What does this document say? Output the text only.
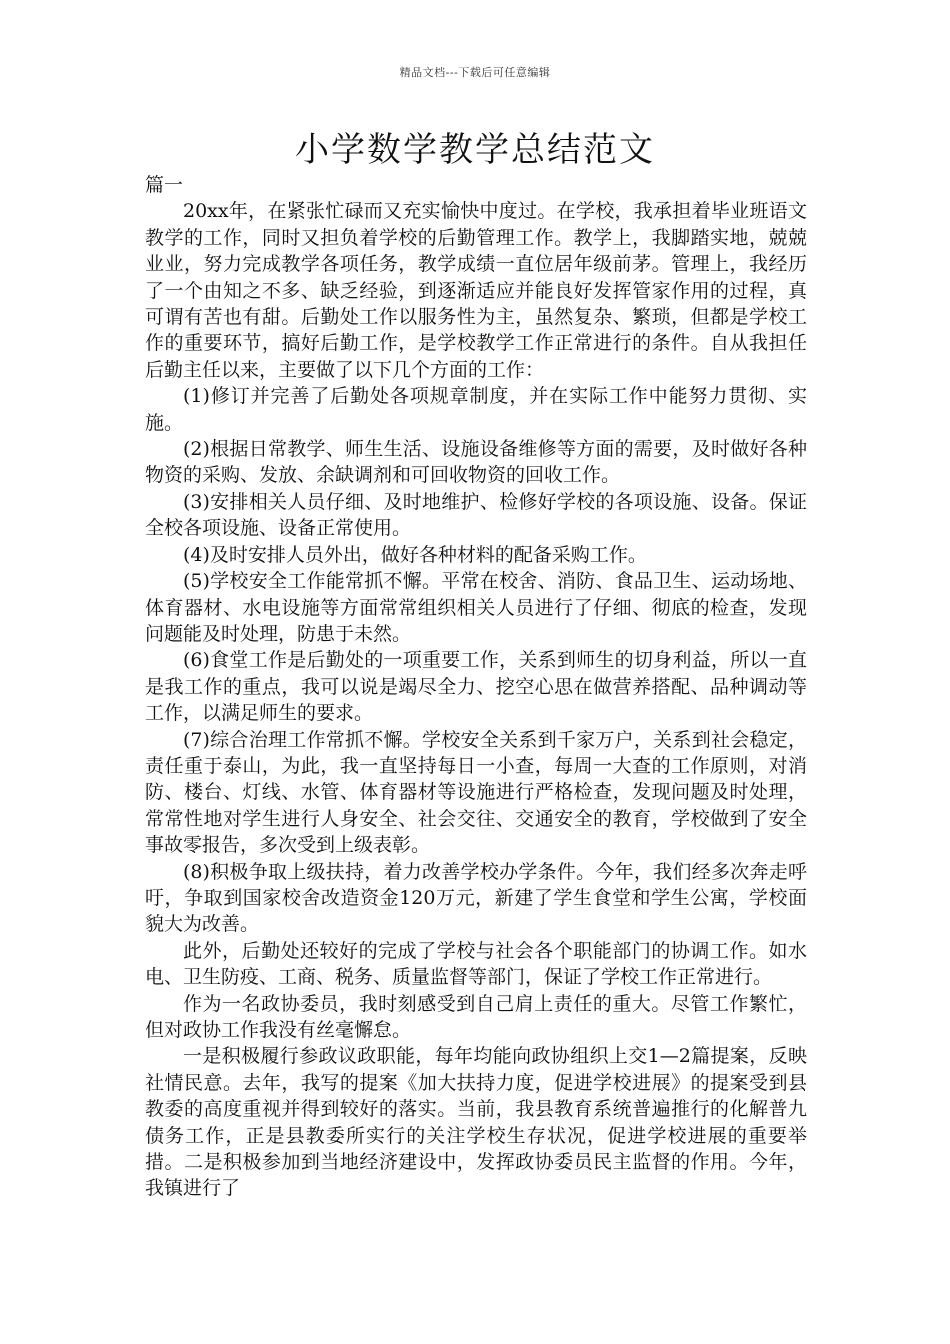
精品文档---下载后可任意编辑
小学数学教学总结范文
篇一

20xx年，在紧张忙碌而又充实愉快中度过。在学校，我承担着毕业班语文教学的工作，同时又担负着学校的后勤管理工作。教学上，我脚踏实地，兢兢业业，努力完成教学各项任务，教学成绩一直位居年级前茅。管理上，我经历了一个由知之不多、缺乏经验，到逐渐适应并能良好发挥管家作用的过程，真可谓有苦也有甜。后勤处工作以服务性为主，虽然复杂、繁琐，但都是学校工作的重要环节，搞好后勤工作，是学校教学工作正常进行的条件。自从我担任后勤主任以来，主要做了以下几个方面的工作：

(1)修订并完善了后勤处各项规章制度，并在实际工作中能努力贯彻、实施。

(2)根据日常教学、师生生活、设施设备维修等方面的需要，及时做好各种物资的采购、发放、余缺调剂和可回收物资的回收工作。

(3)安排相关人员仔细、及时地维护、检修好学校的各项设施、设备。保证全校各项设施、设备正常使用。

(4)及时安排人员外出，做好各种材料的配备采购工作。

(5)学校安全工作能常抓不懈。平常在校舍、消防、食品卫生、运动场地、体育器材、水电设施等方面常常组织相关人员进行了仔细、彻底的检查，发现问题能及时处理，防患于未然。

(6)食堂工作是后勤处的一项重要工作，关系到师生的切身利益，所以一直是我工作的重点，我可以说是竭尽全力、挖空心思在做营养搭配、品种调动等工作，以满足师生的要求。

(7)综合治理工作常抓不懈。学校安全关系到千家万户，关系到社会稳定，责任重于泰山，为此，我一直坚持每日一小查，每周一大查的工作原则，对消防、楼台、灯线、水管、体育器材等设施进行严格检查，发现问题及时处理，常常性地对学生进行人身安全、社会交往、交通安全的教育，学校做到了安全事故零报告，多次受到上级表彰。

(8)积极争取上级扶持，着力改善学校办学条件。今年，我们经多次奔走呼吁，争取到国家校舍改造资金120万元，新建了学生食堂和学生公寓，学校面貌大为改善。

此外，后勤处还较好的完成了学校与社会各个职能部门的协调工作。如水电、卫生防疫、工商、税务、质量监督等部门，保证了学校工作正常进行。

作为一名政协委员，我时刻感受到自己肩上责任的重大。尽管工作繁忙，但对政协工作我没有丝毫懈怠。

一是积极履行参政议政职能，每年均能向政协组织上交1—2篇提案，反映社情民意。去年，我写的提案《加大扶持力度，促进学校进展》的提案受到县教委的高度重视并得到较好的落实。当前，我县教育系统普遍推行的化解普九债务工作，正是县教委所实行的关注学校生存状况，促进学校进展的重要举措。二是积极参加到当地经济建设中，发挥政协委员民主监督的作用。今年，我镇进行了
